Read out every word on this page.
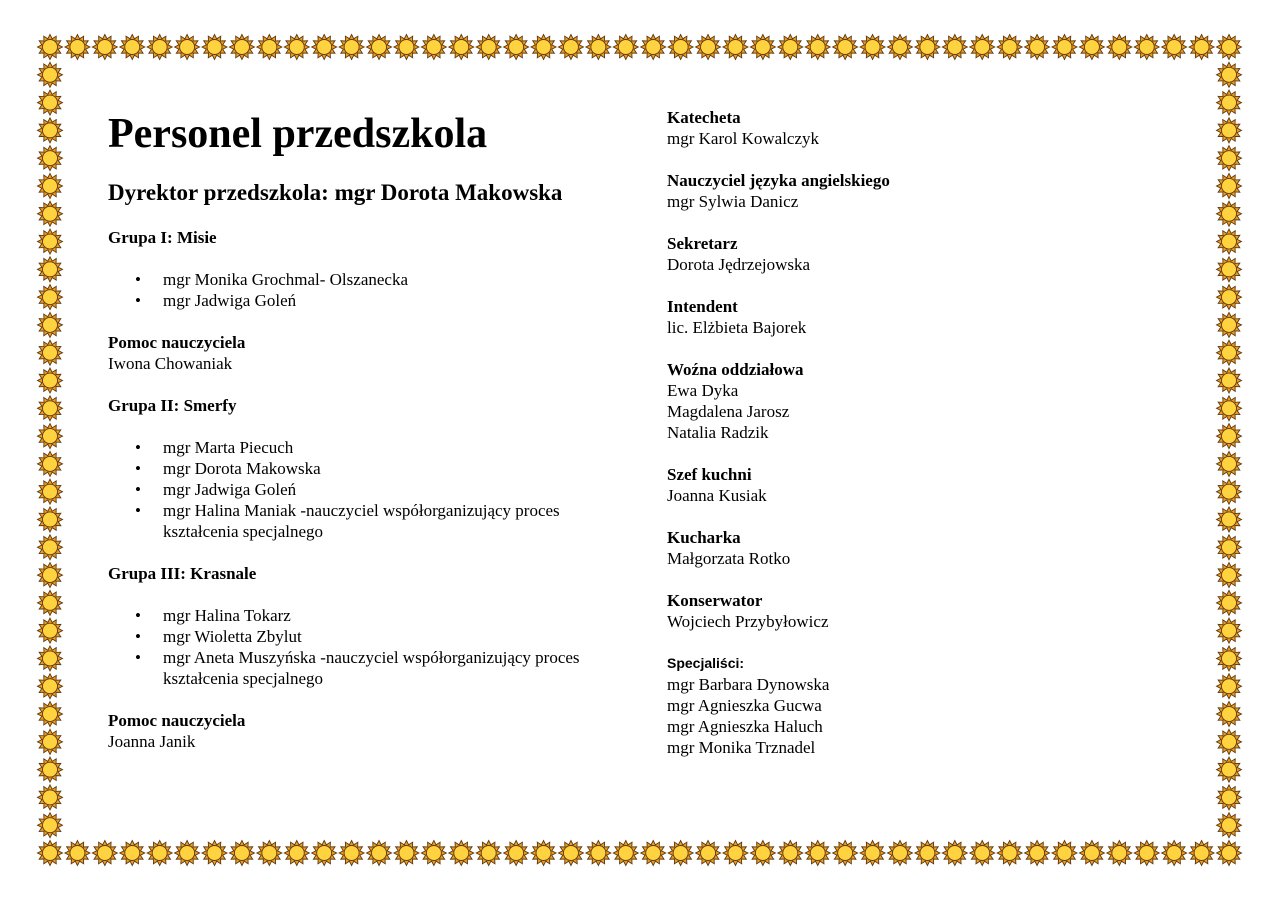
Personel przedszkola
Dyrektor przedszkola: mgr Dorota Makowska
Grupa I: Misie
• mgr Monika Grochmal- Olszanecka
• mgr Jadwiga Goleń
Pomoc nauczyciela
Iwona Chowaniak
Grupa II: Smerfy
• mgr Marta Piecuch
• mgr Dorota Makowska
• mgr Jadwiga Goleń
• mgr Halina Maniak -nauczyciel współorganizujący proces kształcenia specjalnego
Grupa III: Krasnale
• mgr Halina Tokarz
• mgr Wioletta Zbylut
• mgr Aneta Muszyńska -nauczyciel współorganizujący proces kształcenia specjalnego
Pomoc nauczyciela
Joanna Janik
Katecheta
mgr Karol Kowalczyk
Nauczyciel języka angielskiego
mgr Sylwia Danicz
Sekretarz
Dorota Jędrzejowska
Intendent
lic. Elżbieta Bajorek
Woźna oddziałowa
Ewa Dyka
Magdalena Jarosz
Natalia Radzik
Szef kuchni
Joanna Kusiak
Kucharka
Małgorzata Rotko
Konserwator
Wojciech Przybyłowicz
Specjaliści:
mgr Barbara Dynowska
mgr Agnieszka Gucwa
mgr Agnieszka Haluch
mgr Monika Trznadel
